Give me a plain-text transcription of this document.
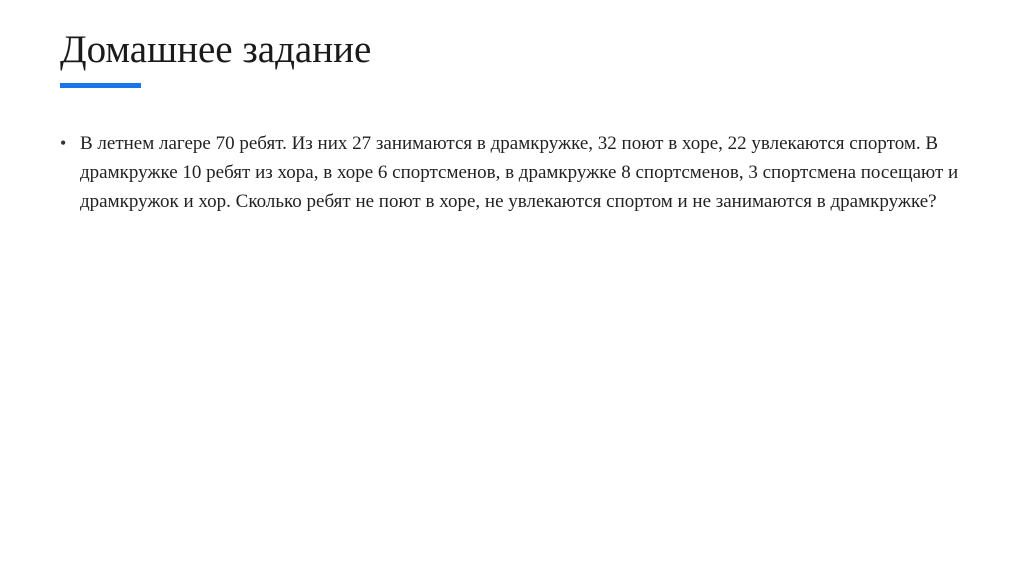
Домашнее задание
• В летнем лагере 70 ребят. Из них 27 занимаются в драмкружке, 32 поют в хоре, 22 увлекаются спортом. В драмкружке 10 ребят из хора, в хоре 6 спортсменов, в драмкружке 8 спортсменов, 3 спортсмена посещают и драмкружок и хор. Сколько ребят не поют в хоре, не увлекаются спортом и не занимаются в драмкружке?
